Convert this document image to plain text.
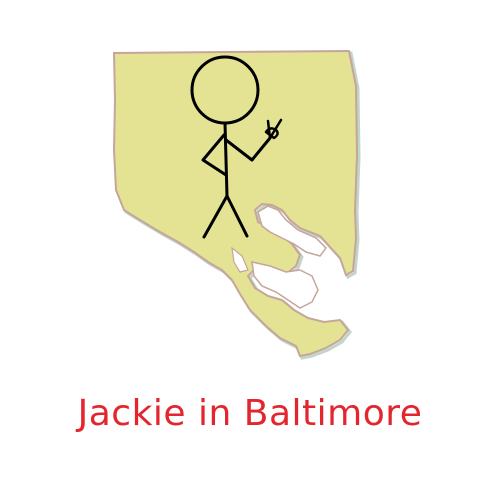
Jackie in Baltimore
